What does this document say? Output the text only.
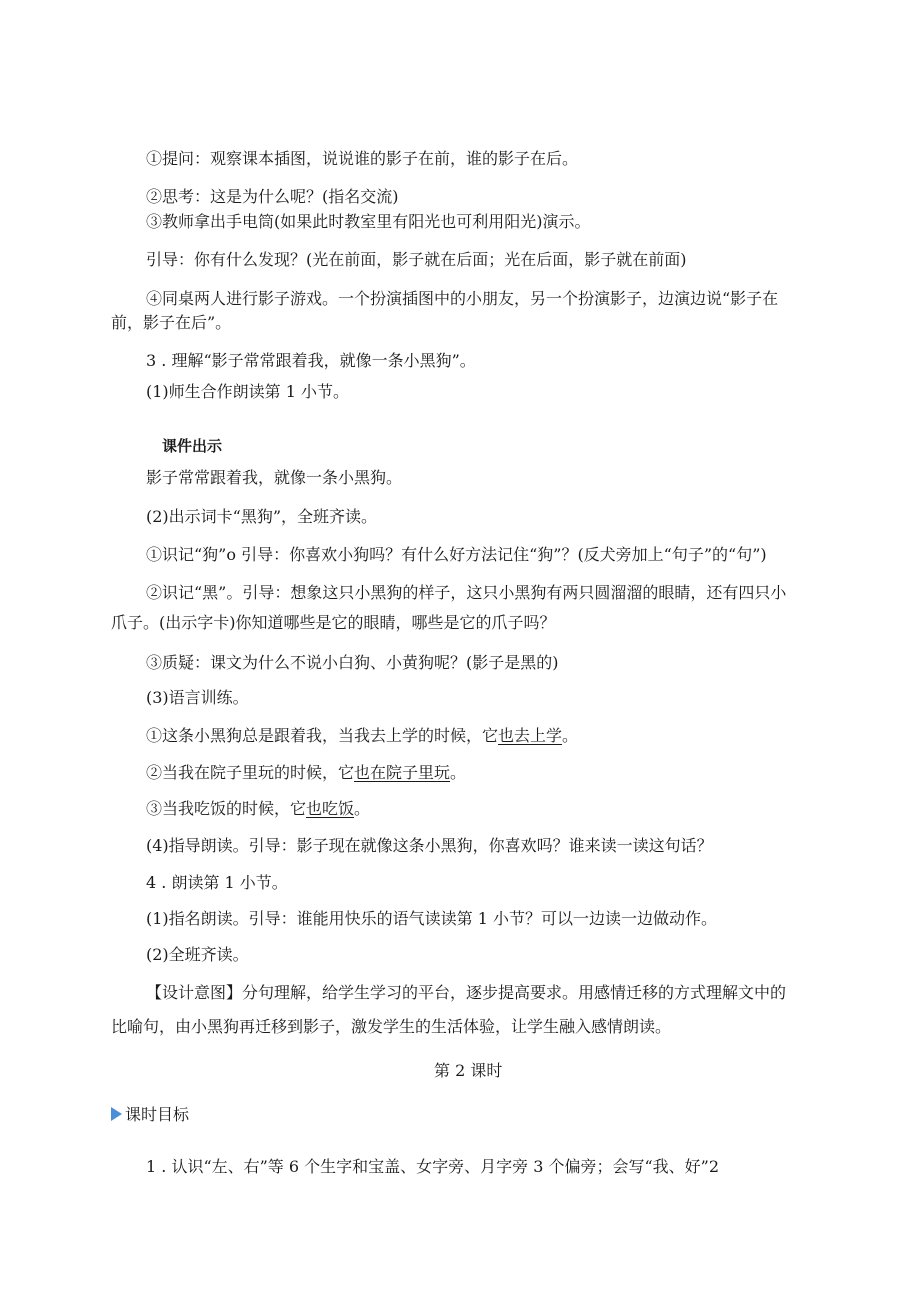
①提问：观察课本插图，说说谁的影子在前，谁的影子在后。
②思考：这是为什么呢？(指名交流)
③教师拿出手电筒(如果此时教室里有阳光也可利用阳光)演示。
引导：你有什么发现？(光在前面，影子就在后面；光在后面，影子就在前面)
④同桌两人进行影子游戏。一个扮演插图中的小朋友，另一个扮演影子，边演边说“影子在
前，影子在后”。
3 . 理解“影子常常跟着我，就像一条小黑狗”。
(1)师生合作朗读第 1 小节。
课件出示
影子常常跟着我，就像一条小黑狗。
(2)出示词卡“黑狗”，全班齐读。
①识记“狗”o 引导：你喜欢小狗吗？有什么好方法记住“狗”？(反犬旁加上“句子”的“句”)
②识记“黑”。引导：想象这只小黑狗的样子，这只小黑狗有两只圆溜溜的眼睛，还有四只小
爪子。(出示字卡)你知道哪些是它的眼睛，哪些是它的爪子吗？
③质疑：课文为什么不说小白狗、小黄狗呢？(影子是黑的)
(3)语言训练。
①这条小黑狗总是跟着我，当我去上学的时候，它也去上学。
②当我在院子里玩的时候，它也在院子里玩。
③当我吃饭的时候，它也吃饭。
(4)指导朗读。引导：影子现在就像这条小黑狗，你喜欢吗？谁来读一读这句话？
4 . 朗读第 1 小节。
(1)指名朗读。引导：谁能用快乐的语气读读第 1 小节？可以一边读一边做动作。
(2)全班齐读。
【设计意图】分句理解，给学生学习的平台，逐步提高要求。用感情迁移的方式理解文中的
比喻句，由小黑狗再迁移到影子，激发学生的生活体验，让学生融入感情朗读。
第 2 课时
课时目标
1 . 认识“左、右”等 6 个生字和宝盖、女字旁、月字旁 3 个偏旁；会写“我、好”2
